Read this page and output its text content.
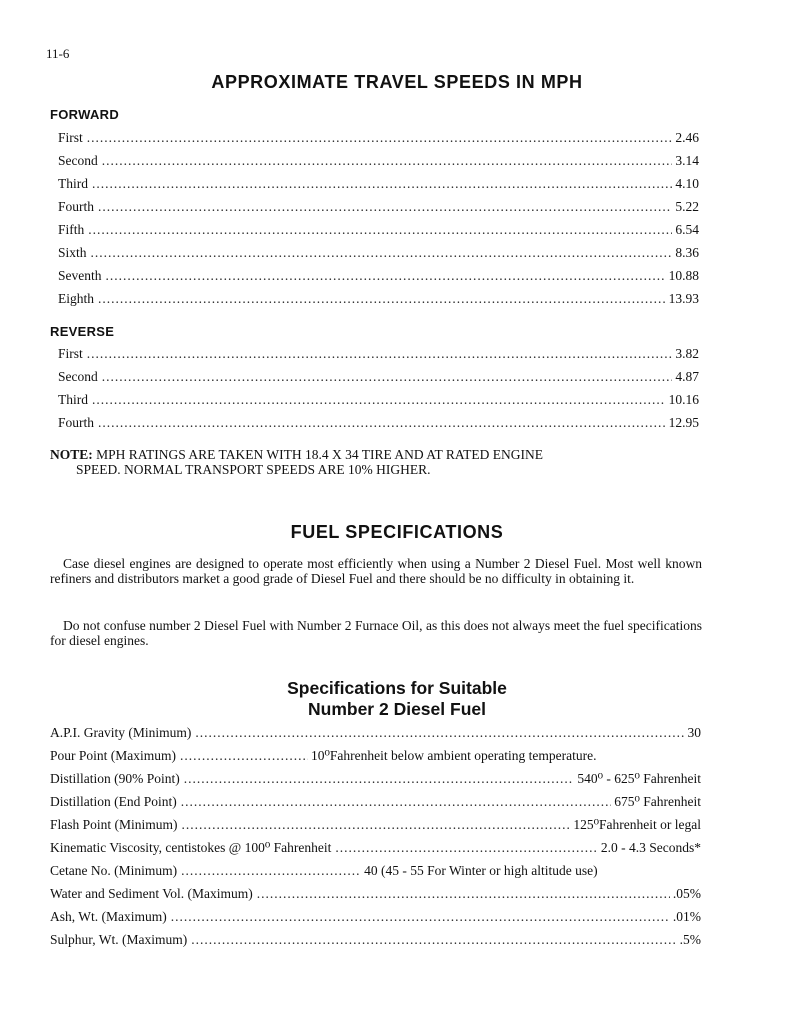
11-6
APPROXIMATE TRAVEL SPEEDS IN MPH
FORWARD
First .....	2.46
Second .....	3.14
Third .....	4.10
Fourth .....	5.22
Fifth .....	6.54
Sixth .....	8.36
Seventh .....	10.88
Eighth .....	13.93
REVERSE
First .....	3.82
Second .....	4.87
Third .....	10.16
Fourth .....	12.95
NOTE: MPH RATINGS ARE TAKEN WITH 18.4 X 34 TIRE AND AT RATED ENGINE
SPEED. NORMAL TRANSPORT SPEEDS ARE 10% HIGHER.
FUEL SPECIFICATIONS
Case diesel engines are designed to operate most efficiently when using a Number 2 Diesel Fuel. Most well known refiners and distributors market a good grade of Diesel Fuel and there should be no difficulty in obtaining it.
Do not confuse number 2 Diesel Fuel with Number 2 Furnace Oil, as this does not always meet the fuel specifications for diesel engines.
Specifications for Suitable
Number 2 Diesel Fuel
A.P.I. Gravity (Minimum) .....	30
Pour Point (Maximum) .....	10⁰Fahrenheit below ambient operating temperature.
Distillation (90% Point) .....	540⁰ - 625⁰ Fahrenheit
Distillation (End Point) .....	675⁰ Fahrenheit
Flash Point (Minimum) .....	125⁰Fahrenheit or legal
Kinematic Viscosity, centistokes @ 100⁰ Fahrenheit .....	2.0 - 4.3 Seconds*
Cetane No. (Minimum) .....	40 (45 - 55 For Winter or high altitude use)
Water and Sediment Vol. (Maximum) .....	.05%
Ash, Wt. (Maximum) .....	.01%
Sulphur, Wt. (Maximum) .....	.5%
